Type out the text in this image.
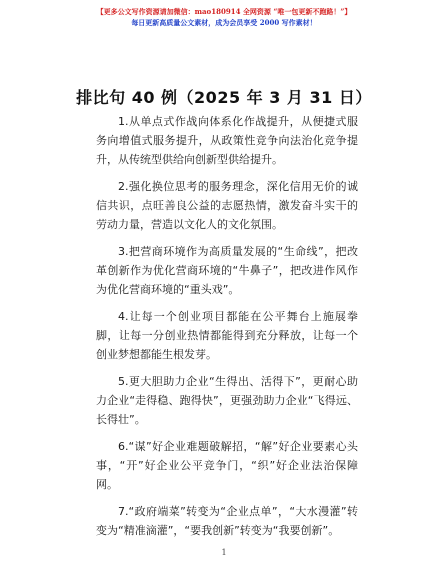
【更多公文写作资源请加微信：mao180914 全网资源 “唯一包更新不跑路！”】
每日更新高质量公文素材，成为会员享受 2000 写作素材！
排比句 40 例（2025 年 3 月 31 日）

1.从单点式作战向体系化作战提升，从便捷式服务向增值式服务提升，从政策性竞争向法治化竞争提升，从传统型供给向创新型供给提升。

2.强化换位思考的服务理念，深化信用无价的诚信共识，点旺善良公益的志愿热情，激发奋斗实干的劳动力量，营造以文化人的文化氛围。

3.把营商环境作为高质量发展的“生命线”，把改革创新作为优化营商环境的“牛鼻子”，把改进作风作为优化营商环境的“重头戏”。

4.让每一个创业项目都能在公平舞台上施展拳脚，让每一分创业热情都能得到充分释放，让每一个创业梦想都能生根发芽。

5.更大胆助力企业“生得出、活得下”，更耐心助力企业“走得稳、跑得快”，更强劲助力企业“飞得远、长得壮”。

6.“谋”好企业难题破解招，“解”好企业要素心头事，“开”好企业公平竞争门，“织”好企业法治保障网。

7.“政府端菜”转变为“企业点单”，“大水漫灌”转变为“精准滴灌”，“要我创新”转变为“我要创新”。

1
